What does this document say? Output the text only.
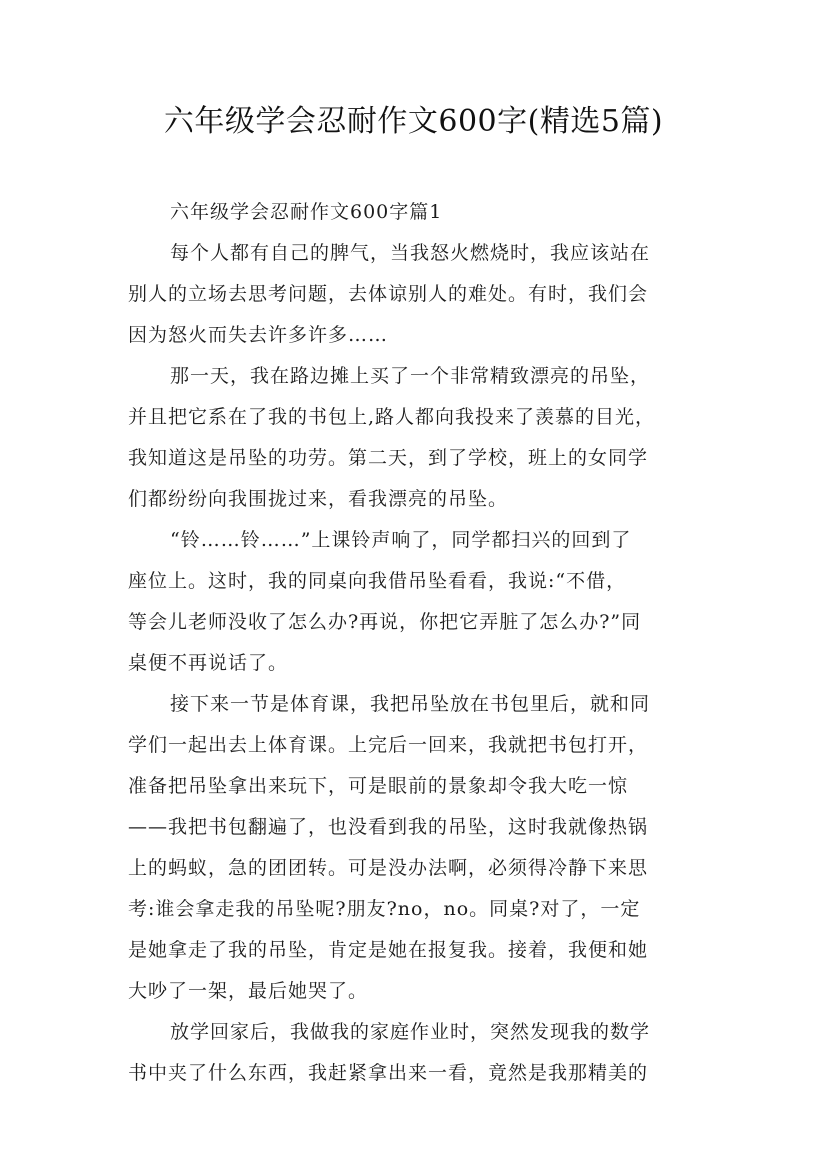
六年级学会忍耐作文600字(精选5篇)
六年级学会忍耐作文600字篇1
每个人都有自己的脾气，当我怒火燃烧时，我应该站在
别人的立场去思考问题，去体谅别人的难处。有时，我们会
因为怒火而失去许多许多……
那一天，我在路边摊上买了一个非常精致漂亮的吊坠，
并且把它系在了我的书包上,路人都向我投来了羡慕的目光，
我知道这是吊坠的功劳。第二天，到了学校，班上的女同学
们都纷纷向我围拢过来，看我漂亮的吊坠。
“铃……铃……”上课铃声响了，同学都扫兴的回到了
座位上。这时，我的同桌向我借吊坠看看，我说:“不借，
等会儿老师没收了怎么办?再说，你把它弄脏了怎么办?”同
桌便不再说话了。
接下来一节是体育课，我把吊坠放在书包里后，就和同
学们一起出去上体育课。上完后一回来，我就把书包打开，
准备把吊坠拿出来玩下，可是眼前的景象却令我大吃一惊
——我把书包翻遍了，也没看到我的吊坠，这时我就像热锅
上的蚂蚁，急的团团转。可是没办法啊，必须得冷静下来思
考:谁会拿走我的吊坠呢?朋友?no，no。同桌?对了，一定
是她拿走了我的吊坠，肯定是她在报复我。接着，我便和她
大吵了一架，最后她哭了。
放学回家后，我做我的家庭作业时，突然发现我的数学
书中夹了什么东西，我赶紧拿出来一看，竟然是我那精美的
